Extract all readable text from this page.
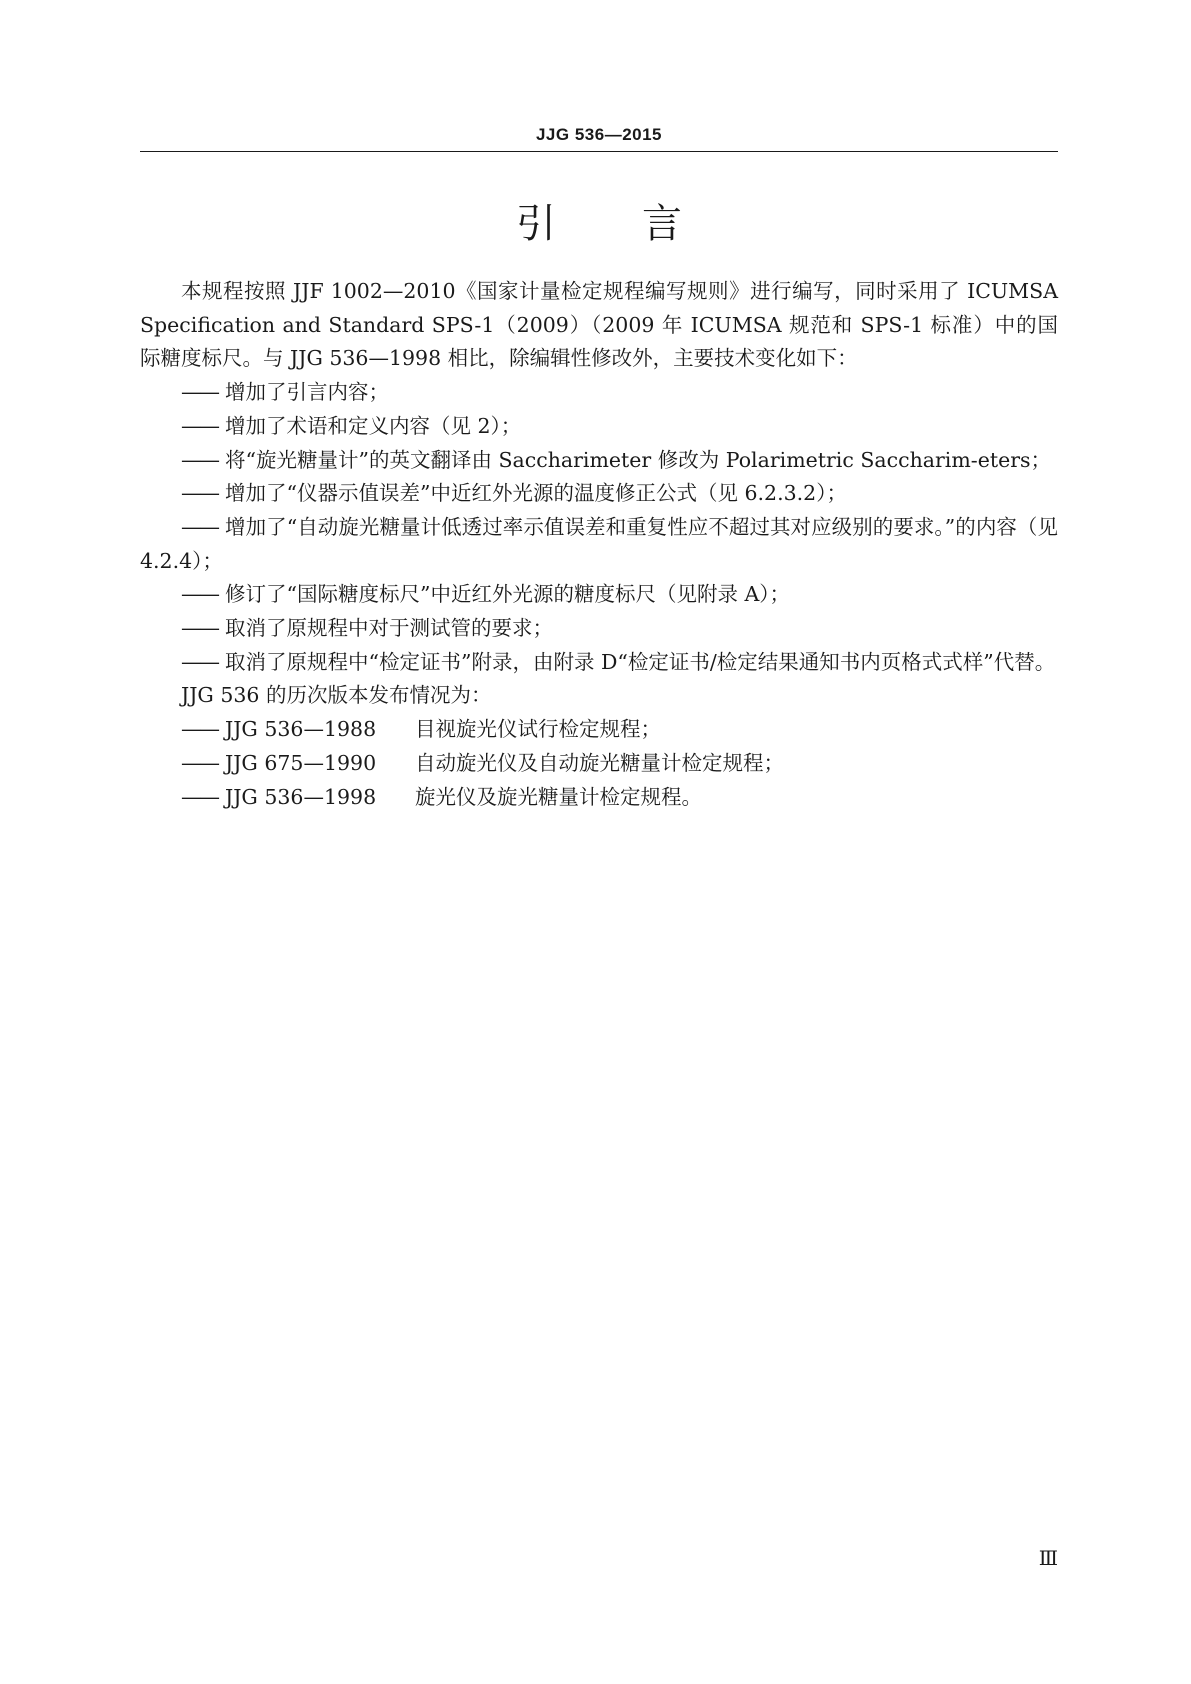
JJG 536—2015
引 言

本规程按照 JJF 1002—2010《国家计量检定规程编写规则》进行编写，同时采用了 ICUMSA Specification and Standard SPS-1（2009）（2009 年 ICUMSA 规范和 SPS-1 标准）中的国际糖度标尺。与 JJG 536—1998 相比，除编辑性修改外，主要技术变化如下：

—— 增加了引言内容；

—— 增加了术语和定义内容（见 2）；

—— 将“旋光糖量计”的英文翻译由 Saccharimeter 修改为 Polarimetric Saccharim-eters；

—— 增加了“仪器示值误差”中近红外光源的温度修正公式（见 6.2.3.2）；

—— 增加了“自动旋光糖量计低透过率示值误差和重复性应不超过其对应级别的要求。”的内容（见 4.2.4）；

—— 修订了“国际糖度标尺”中近红外光源的糖度标尺（见附录 A）；

—— 取消了原规程中对于测试管的要求；

—— 取消了原规程中“检定证书”附录，由附录 D“检定证书/检定结果通知书内页格式式样”代替。

JJG 536 的历次版本发布情况为：

—— JJG 536—1988 目视旋光仪试行检定规程；

—— JJG 675—1990 自动旋光仪及自动旋光糖量计检定规程；

—— JJG 536—1998 旋光仪及旋光糖量计检定规程。

Ⅲ
